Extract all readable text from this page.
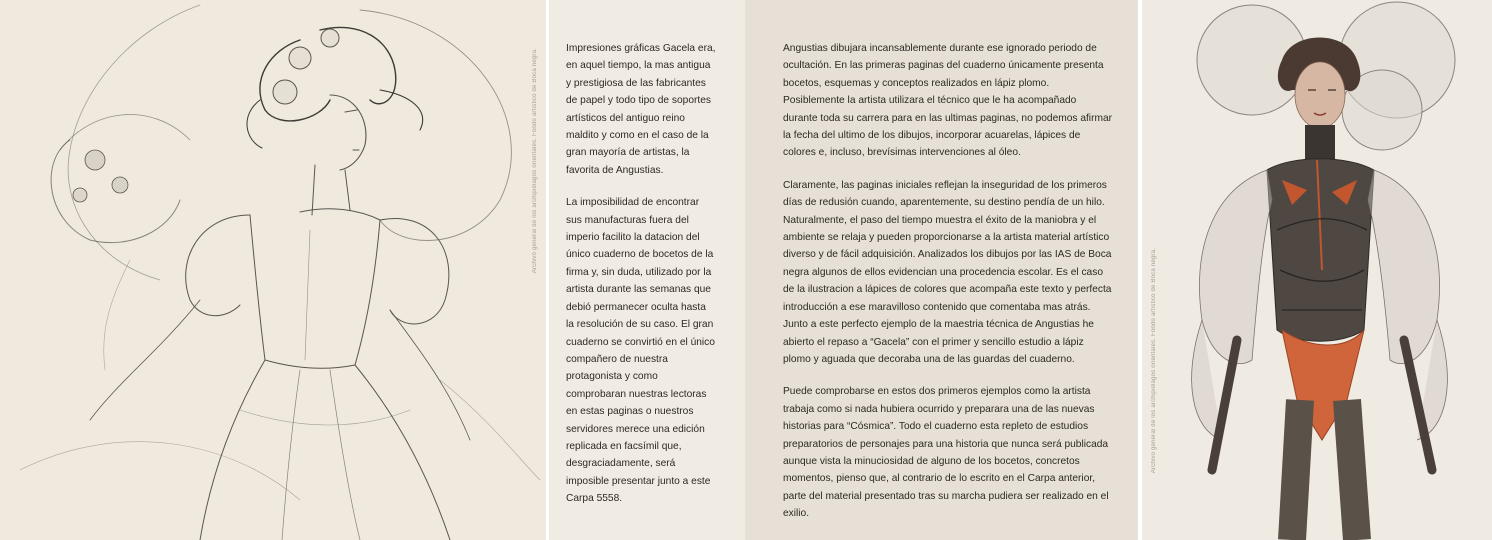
Archivo general de los archipiélagos orientales. Fondo artístico de Boca negra.	Impresiones gráficas Gacela era, en aquel tiempo, la mas antigua y prestigiosa de las fabricantes de papel y todo tipo de soportes artísticos del antiguo reino maldito y como en el caso de la gran mayoría de artistas, la favorita de Angustias.

La imposibilidad de encontrar sus manufacturas fuera del imperio facilito la datacion del único cuaderno de bocetos de la firma y, sin duda, utilizado por la artista durante las semanas que debió permanecer oculta hasta la resolución de su caso. El gran cuaderno se convirtió en el único compañero de nuestra protagonista y como comprobaran nuestras lectoras en estas paginas o nuestros servidores merece una edición replicada en facsímil que, desgraciadamente, será imposible presentar junto a este Carpa 5558.

Angustias dibujara incansablemente durante ese ignorado periodo de ocultación. En las primeras paginas del cuaderno únicamente presenta bocetos, esquemas y conceptos realizados en lápiz plomo. Posiblemente la artista utilizara el técnico que le ha acompañado durante toda su carrera para en las ultimas paginas, no podemos afirmar la fecha del ultimo de los dibujos, incorporar acuarelas, lápices de colores e, incluso, brevísimas intervenciones al óleo.

Claramente, las paginas iniciales reflejan la inseguridad de los primeros días de redusión cuando, aparentemente, su destino pendía de un hilo. Naturalmente, el paso del tiempo muestra el éxito de la maniobra y el ambiente se relaja y pueden proporcionarse a la artista material artístico diverso y de fácil adquisición. Analizados los dibujos por las IAS de Boca negra algunos de ellos evidencian una procedencia escolar. Es el caso de la ilustracion a lápices de colores que acompaña este texto y perfecta introducción a ese maravilloso contenido que comentaba mas atrás. Junto a este perfecto ejemplo de la maestria técnica de Angustias he abierto el repaso a “Gacela” con el primer y sencillo estudio a lápiz plomo y aguada que decoraba una de las guardas del cuaderno.

Puede comprobarse en estos dos primeros ejemplos como la artista trabaja como si nada hubiera ocurrido y preparara una de las nuevas historias para “Cósmica”. Todo el cuaderno esta repleto de estudios preparatorios de personajes para una historia que nunca será publicada aunque vista la minuciosidad de alguno de los bocetos, concretos momentos, pienso que, al contrario de lo escrito en el Carpa anterior, parte del material presentado tras su marcha pudiera ser realizado en el exilio.

Archivo general de los archipiélagos orientales. Fondo artístico de Boca negra.
